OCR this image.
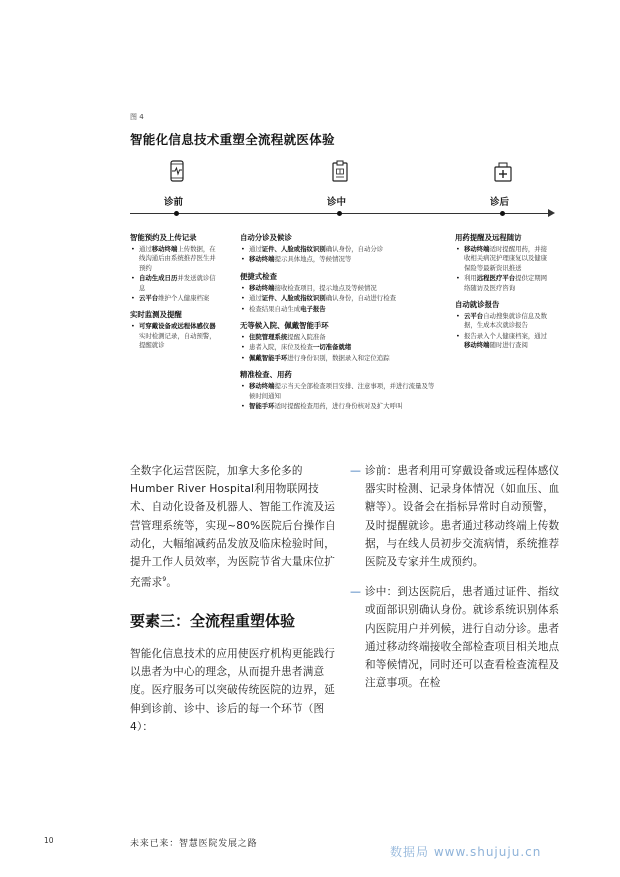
图 4
智能化信息技术重塑全流程就医体验
诊前	诊中	诊后
智能预约及上传记录
• 通过移动终端上传数据，在线沟通后由系统推荐医生并预约
• 自动生成日历并发送就诊信息
• 云平台维护个人健康档案
实时监测及提醒
• 可穿戴设备或远程体感仪器实时检测记录，自动预警，提醒就诊
自动分诊及候诊
• 通过证件、人脸或指纹识别确认身份，自动分诊
• 移动终端提示具体地点，等候情况等
便捷式检查
• 移动终端接收检查项目，提示地点及等候情况
• 通过证件、人脸或指纹识别确认身份，自动进行检查
• 检查结果自动生成电子报告
无等候入院、佩戴智能手环
• 住院管理系统提醒入院准备
• 患者入院，床位及检查一切准备就绪
• 佩戴智能手环进行身份识别，数据录入和定位追踪
精准检查、用药
• 移动终端提示当天全部检查项目安排、注意事项，并进行流量及等候时间通知
• 智能手环适时提醒检查用药，进行身份核对及扩大呼叫
用药提醒及远程随访
• 移动终端适时提醒用药，并接收相关病况护理康复以及健康保险等最新资讯推送
• 利用远程医疗平台提供定期网络随访及医疗咨询
自动就诊报告
• 云平台自动搜集就诊信息及数据，生成本次就诊报告
• 报告录入个人健康档案，通过移动终端随时进行查阅

全数字化运营医院，加拿大多伦多的Humber River Hospital利用物联网技术、自动化设备及机器人、智能工作流及运营管理系统等，实现~80%医院后台操作自动化，大幅缩减药品发放及临床检验时间，提升工作人员效率，为医院节省大量床位扩充需求$^9$。

要素三：全流程重塑体验

智能化信息技术的应用使医疗机构更能践行以患者为中心的理念，从而提升患者满意度。医疗服务可以突破传统医院的边界，延伸到诊前、诊中、诊后的每一个环节（图4）：

— 诊前：患者利用可穿戴设备或远程体感仪器实时检测、记录身体情况（如血压、血糖等）。设备会在指标异常时自动预警，及时提醒就诊。患者通过移动终端上传数据，与在线人员初步交流病情，系统推荐医院及专家并生成预约。

— 诊中：到达医院后，患者通过证件、指纹或面部识别确认身份。就诊系统识别体系内医院用户并列候，进行自动分诊。患者通过移动终端接收全部检查项目相关地点和等候情况，同时还可以查看检查流程及注意事项。在检

10	未来已来：智慧医院发展之路
数据局 www.shujuju.cn
